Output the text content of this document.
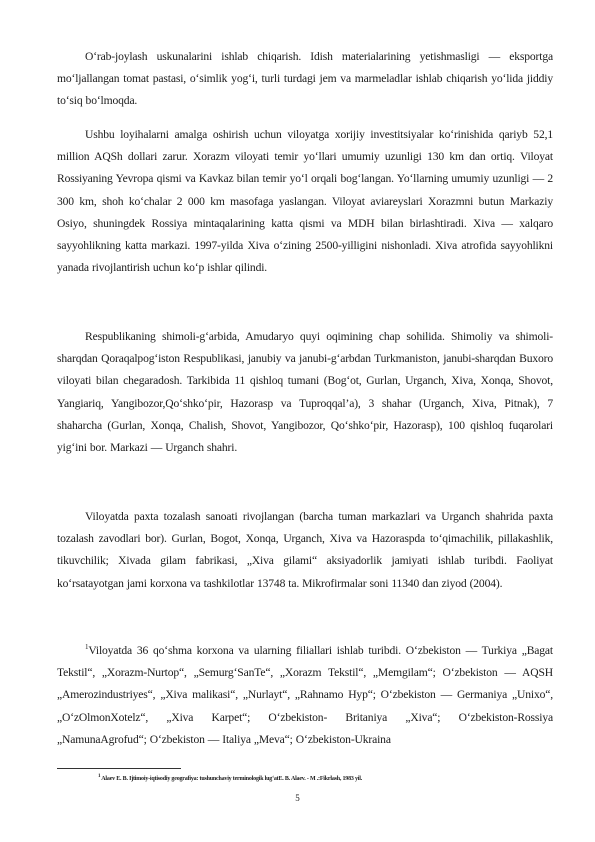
O‘rab-joylash uskunalarini ishlab chiqarish. Idish materialarining yetishmasligi — eksportga mo‘ljallangan tomat pastasi, o‘simlik yog‘i, turli turdagi jem va marmeladlar ishlab chiqarish yo‘lida jiddiy to‘siq bo‘lmoqda.

Ushbu loyihalarni amalga oshirish uchun viloyatga xorijiy investitsiyalar ko‘rinishida qariyb 52,1 million AQSh dollari zarur. Xorazm viloyati temir yo‘llari umumiy uzunligi 130 km dan ortiq. Viloyat Rossiyaning Yevropa qismi va Kavkaz bilan temir yo‘l orqali bog‘langan. Yo‘llarning umumiy uzunligi — 2 300 km, shoh ko‘chalar 2 000 km masofaga yaslangan. Viloyat aviareyslari Xorazmni butun Markaziy Osiyo, shuningdek Rossiya mintaqalarining katta qismi va MDH bilan birlashtiradi. Xiva — xalqaro sayyohlikning katta markazi. 1997-yilda Xiva o‘zining 2500-yilligini nishonladi. Xiva atrofida sayyohlikni yanada rivojlantirish uchun ko‘p ishlar qilindi.

Respublikaning shimoli-g‘arbida, Amudaryo quyi oqimining chap sohilida. Shimoliy va shimoli-sharqdan Qoraqalpog‘iston Respublikasi, janubiy va janubi-g‘arbdan Turkmaniston, janubi-sharqdan Buxoro viloyati bilan chegaradosh. Tarkibida 11 qishloq tumani (Bog‘ot, Gurlan, Urganch, Xiva, Xonqa, Shovot, Yangiariq, Yangibozor,Qo‘shko‘pir, Hazorasp va Tuproqqal’a), 3 shahar (Urganch, Xiva, Pitnak), 7 shaharcha (Gurlan, Xonqa, Chalish, Shovot, Yangibozor, Qo‘shko‘pir, Hazorasp), 100 qishloq fuqarolari yig‘ini bor. Markazi — Urganch shahri.

Viloyatda paxta tozalash sanoati rivojlangan (barcha tuman markazlari va Urganch shahrida paxta tozalash zavodlari bor). Gurlan, Bogot, Xonqa, Urganch, Xiva va Hazoraspda to‘qimachilik, pillakashlik, tikuvchilik; Xivada gilam fabrikasi, „Xiva gilami“ aksiyadorlik jamiyati ishlab turibdi. Faoliyat ko‘rsatayotgan jami korxona va tashkilotlar 13748 ta. Mikrofirmalar soni 11340 dan ziyod (2004).

$^1$Viloyatda 36 qo‘shma korxona va ularning filiallari ishlab turibdi. O‘zbekiston — Turkiya „Bagat Tekstil“, „Xorazm-Nurtop“, „Semurg‘SanTe“, „Xorazm Tekstil“, „Memgilam“; O‘zbekiston — AQSH „Amerozindustriyes“, „Xiva malikasi“, „Nurlayt“, „Rahnamo Hyp“; O‘zbekiston — Germaniya „Unixo“, „O‘zOlmonXotelz“, „Xiva Karpet“; O‘zbekiston- Britaniya „Xiva“; O‘zbekiston-Rossiya „NamunaAgrofud“; O‘zbekiston — Italiya „Meva“; O‘zbekiston-Ukraina

$^1$ Alaev E. B. Ijtimoiy-iqtisodiy geografiya: tushunchaviy terminologik lug‘atE. B. Alaev. - M .:Fikrlash, 1983 yil.
5
